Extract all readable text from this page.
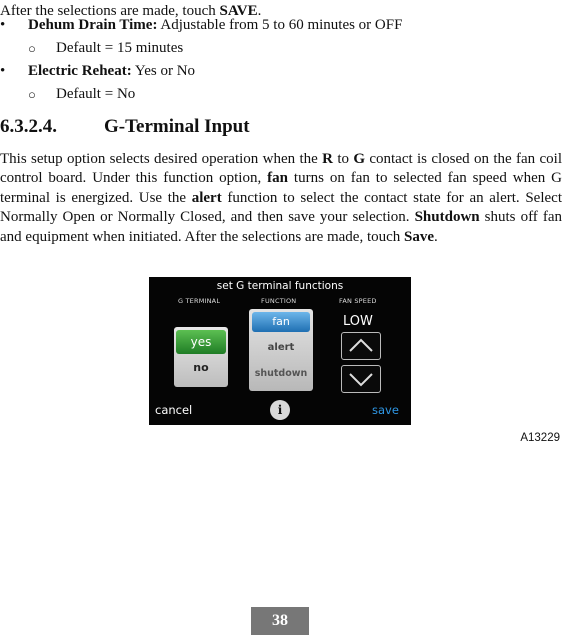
After the selections are made, touch SAVE.
• Dehum Drain Time: Adjustable from 5 to 60 minutes or OFF
○ Default = 15 minutes
• Electric Reheat: Yes or No
○ Default = No
6.3.2.4. G-Terminal Input
This setup option selects desired operation when the R to G contact is closed on the fan coil control board. Under this function option, fan turns on fan to selected fan speed when G terminal is energized. Use the alert function to select the contact state for an alert. Select Normally Open or Normally Closed, and then save your selection. Shutdown shuts off fan and equipment when initiated. After the selections are made, touch Save.
set G terminal functions
G TERMINAL	FUNCTION	FAN SPEED
yes
no
fan
alert
shutdown
LOW
cancel	i	save
A13229
38
